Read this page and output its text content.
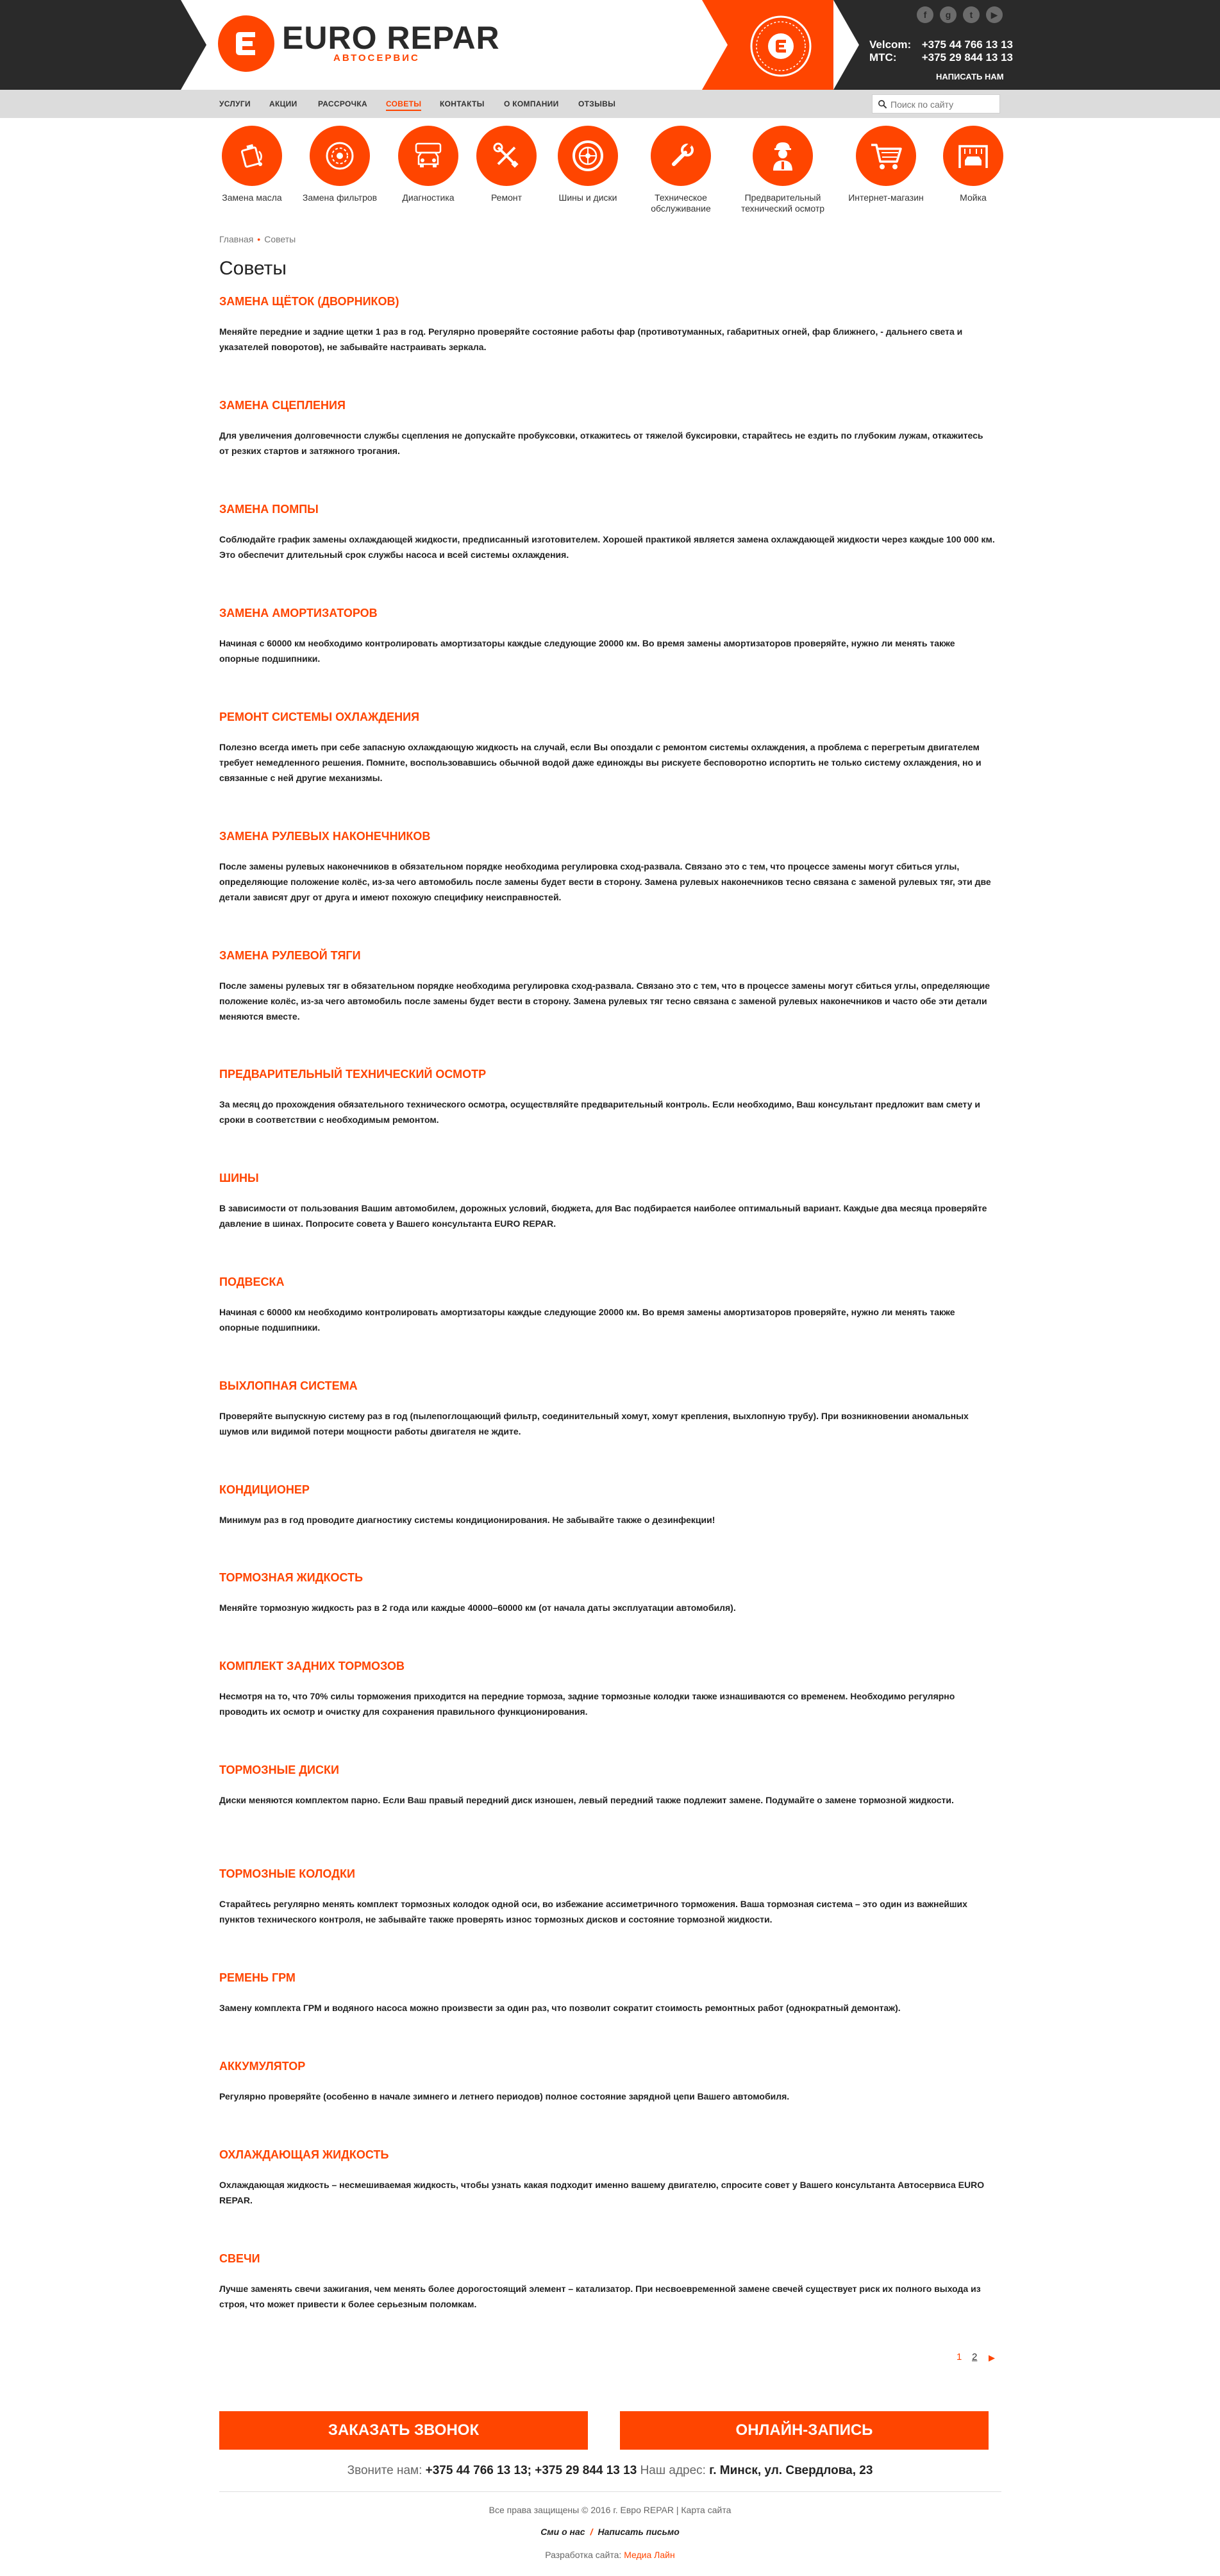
EURO REPAR
АВТОСЕРВИС
f	g	t	▶
Velcom: +375 44 766 13 13
МТС: +375 29 844 13 13
НАПИСАТЬ НАМ
УСЛУГИ АКЦИИ	РАССРОЧКА СОВЕТЫ КОНТАКТЫ	О КОМПАНИИ	ОТЗЫВЫ
Поиск по сайту
Замена масла	Замена фильтров	Диагностика	Ремонт	Шины и диски	Техническое обслуживание
Предварительный технический осмотр
Интернет-магазин	Мойка
Главная • Советы
Советы
ЗАМЕНА ЩЁТОК (ДВОРНИКОВ)
Меняйте передние и задние щетки 1 раз в год. Регулярно проверяйте состояние работы фар (противотуманных, габаритных огней, фар ближнего, - дальнего света и указателей поворотов), не забывайте настраивать зеркала.
ЗАМЕНА СЦЕПЛЕНИЯ
Для увеличения долговечности службы сцепления не допускайте пробуксовки, откажитесь от тяжелой буксировки, старайтесь не ездить по глубоким лужам, откажитесь от резких стартов и затяжного трогания.
ЗАМЕНА ПОМПЫ
Соблюдайте график замены охлаждающей жидкости, предписанный изготовителем. Хорошей практикой является замена охлаждающей жидкости через каждые 100 000 км. Это обеспечит длительный срок службы насоса и всей системы охлаждения.
ЗАМЕНА АМОРТИЗАТОРОВ
Начиная с 60000 км необходимо контролировать амортизаторы каждые следующие 20000 км. Во время замены амортизаторов проверяйте, нужно ли менять также опорные подшипники.
РЕМОНТ СИСТЕМЫ ОХЛАЖДЕНИЯ
Полезно всегда иметь при себе запасную охлаждающую жидкость на случай, если Вы опоздали с ремонтом системы охлаждения, а проблема с перегретым двигателем требует немедленного решения. Помните, воспользовавшись обычной водой даже единожды вы рискуете бесповоротно испортить не только систему охлаждения, но и связанные с ней другие механизмы.
ЗАМЕНА РУЛЕВЫХ НАКОНЕЧНИКОВ
После замены рулевых наконечников в обязательном порядке необходима регулировка сход-развала. Связано это с тем, что процессе замены могут сбиться углы, определяющие положение колёс, из-за чего автомобиль после замены будет вести в сторону. Замена рулевых наконечников тесно связана с заменой рулевых тяг, эти две детали зависят друг от друга и имеют похожую специфику неисправностей.
ЗАМЕНА РУЛЕВОЙ ТЯГИ
После замены рулевых тяг в обязательном порядке необходима регулировка сход-развала. Связано это с тем, что в процессе замены могут сбиться углы, определяющие положение колёс, из-за чего автомобиль после замены будет вести в сторону. Замена рулевых тяг тесно связана с заменой рулевых наконечников и часто обе эти детали меняются вместе.
ПРЕДВАРИТЕЛЬНЫЙ ТЕХНИЧЕСКИЙ ОСМОТР
За месяц до прохождения обязательного технического осмотра, осуществляйте предварительный контроль. Если необходимо, Ваш консультант предложит вам смету и сроки в соответствии с необходимым ремонтом.
ШИНЫ
В зависимости от пользования Вашим автомобилем, дорожных условий, бюджета, для Вас подбирается наиболее оптимальный вариант. Каждые два месяца проверяйте давление в шинах. Попросите совета у Вашего консультанта EURO REPAR.
ПОДВЕСКА
Начиная с 60000 км необходимо контролировать амортизаторы каждые следующие 20000 км. Во время замены амортизаторов проверяйте, нужно ли менять также опорные подшипники.
ВЫХЛОПНАЯ СИСТЕМА
Проверяйте выпускную систему раз в год (пылепоглощающий фильтр, соединительный хомут, хомут крепления, выхлопную трубу). При возникновении аномальных шумов или видимой потери мощности работы двигателя не ждите.
КОНДИЦИОНЕР
Минимум раз в год проводите диагностику системы кондиционирования. Не забывайте также о дезинфекции!
ТОРМОЗНАЯ ЖИДКОСТЬ
Меняйте тормозную жидкость раз в 2 года или каждые 40000–60000 км (от начала даты эксплуатации автомобиля).
КОМПЛЕКТ ЗАДНИХ ТОРМОЗОВ
Несмотря на то, что 70% силы торможения приходится на передние тормоза, задние тормозные колодки также изнашиваются со временем. Необходимо регулярно проводить их осмотр и очистку для сохранения правильного функционирования.
ТОРМОЗНЫЕ ДИСКИ
Диски меняются комплектом парно. Если Ваш правый передний диск изношен, левый передний также подлежит замене. Подумайте о замене тормозной жидкости.
ТОРМОЗНЫЕ КОЛОДКИ
Старайтесь регулярно менять комплект тормозных колодок одной оси, во избежание ассиметричного торможения. Ваша тормозная система – это один из важнейших пунктов технического контроля, не забывайте также проверять износ тормозных дисков и состояние тормозной жидкости.
РЕМЕНЬ ГРМ
Замену комплекта ГРМ и водяного насоса можно произвести за один раз, что позволит сократит стоимость ремонтных работ (однократный демонтаж).
АККУМУЛЯТОР
Регулярно проверяйте (особенно в начале зимнего и летнего периодов) полное состояние зарядной цепи Вашего автомобиля.
ОХЛАЖДАЮЩАЯ ЖИДКОСТЬ
Охлаждающая жидкость – несмешиваемая жидкость, чтобы узнать какая подходит именно вашему двигателю, спросите совет у Вашего консультанта Автосервиса EURO REPAR.
СВЕЧИ
Лучше заменять свечи зажигания, чем менять более дорогостоящий элемент – катализатор. При несвоевременной замене свечей существует риск их полного выхода из строя, что может привести к более серьезным поломкам.
1 2 ▶
ЗАКАЗАТЬ ЗВОНОК	ОНЛАЙН-ЗАПИСЬ
Звоните нам: +375 44 766 13 13; +375 29 844 13 13 Наш адрес: г. Минск, ул. Свердлова, 23
Все права защищены © 2016 г. Евро REPAR | Карта сайта
Сми о нас / Написать письмо
Разработка сайта: Медиа Лайн
